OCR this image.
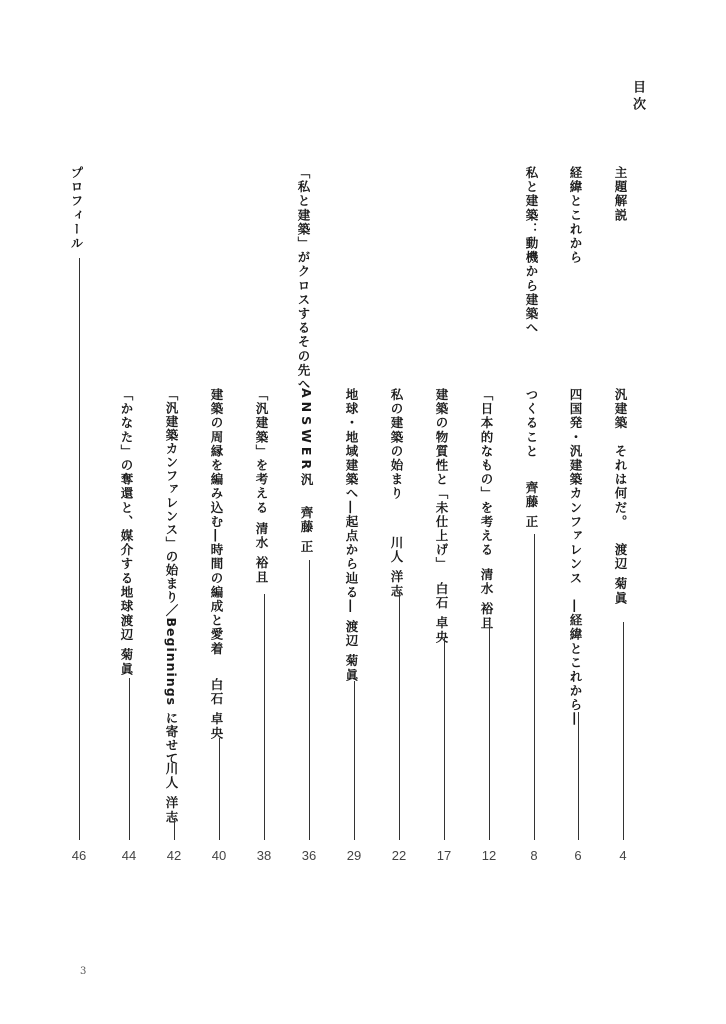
目次
主題解説
経緯とこれから
私と建築：動機から建築へ
「私と建築」がクロスするその先へ
プロフィール
汎建築　それは何だ。
渡辺 菊眞
4
四国発・汎建築カンファレンス　―経緯とこれから―
6
つくること
齊藤 正
8
「日本的なもの」を考える
清水 裕且
12
建築の物質性と「未仕上げ」
白石 卓央
17
私の建築の始まり
川人 洋志
22
地球・地域建築へ―起点から辿る―
渡辺 菊眞
29
ANSWER汎
齊藤 正
36
「汎建築」を考える
清水 裕且
38
建築の周縁を編み込む―時間の編成と愛着
白石 卓央
40
「汎建築カンファレンス」の始まり／Beginnings に寄せて
川人 洋志
42
「かなた」の奪還と、媒介する地球
渡辺 菊眞
44
46
3
